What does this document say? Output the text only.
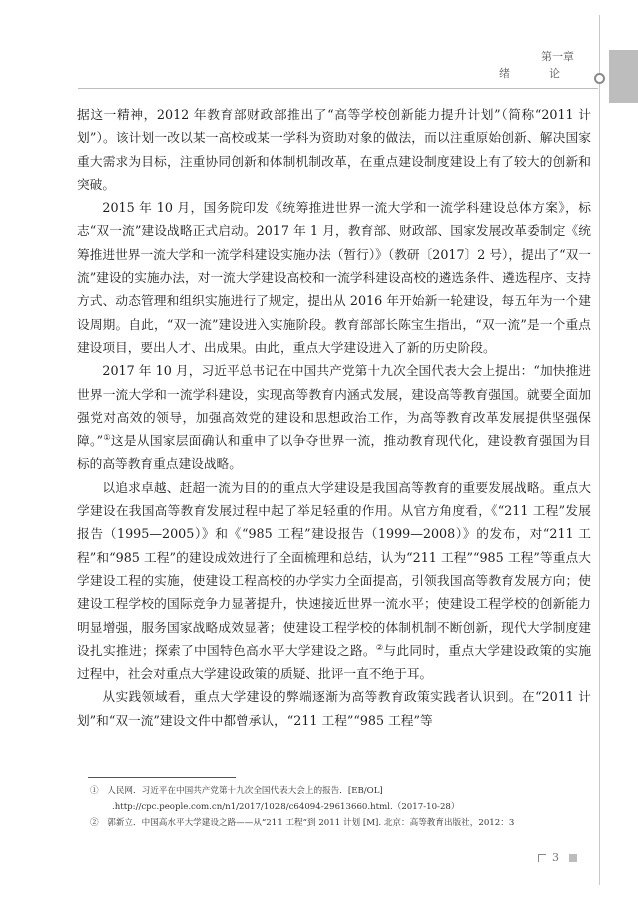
第一章
绪　论

据这一精神，2012 年教育部财政部推出了“高等学校创新能力提升计划”（简称“2011 计划”）。该计划一改以某一高校或某一学科为资助对象的做法，而以注重原始创新、解决国家重大需求为目标，注重协同创新和体制机制改革，在重点建设制度建设上有了较大的创新和突破。

2015 年 10 月，国务院印发《统筹推进世界一流大学和一流学科建设总体方案》，标志“双一流”建设战略正式启动。2017 年 1 月，教育部、财政部、国家发展改革委制定《统筹推进世界一流大学和一流学科建设实施办法（暂行）》（教研〔2017〕2 号），提出了“双一流”建设的实施办法，对一流大学建设高校和一流学科建设高校的遴选条件、遴选程序、支持方式、动态管理和组织实施进行了规定，提出从 2016 年开始新一轮建设，每五年为一个建设周期。自此，“双一流”建设进入实施阶段。教育部部长陈宝生指出，“双一流”是一个重点建设项目，要出人才、出成果。由此，重点大学建设进入了新的历史阶段。

2017 年 10 月，习近平总书记在中国共产党第十九次全国代表大会上提出：“加快推进世界一流大学和一流学科建设，实现高等教育内涵式发展，建设高等教育强国。就要全面加强党对高效的领导，加强高效党的建设和思想政治工作，为高等教育改革发展提供坚强保障。”①这是从国家层面确认和重申了以争夺世界一流，推动教育现代化，建设教育强国为目标的高等教育重点建设战略。

以追求卓越、赶超一流为目的的重点大学建设是我国高等教育的重要发展战略。重点大学建设在我国高等教育发展过程中起了举足轻重的作用。从官方角度看，《“211 工程”发展报告（1995—2005）》和《“985 工程”建设报告（1999—2008）》的发布，对“211 工程”和“985 工程”的建设成效进行了全面梳理和总结，认为“211 工程”“985 工程”等重点大学建设工程的实施，使建设工程高校的办学实力全面提高，引领我国高等教育发展方向；使建设工程学校的国际竞争力显著提升，快速接近世界一流水平；使建设工程学校的创新能力明显增强，服务国家战略成效显著；使建设工程学校的体制机制不断创新，现代大学制度建设扎实推进；探索了中国特色高水平大学建设之路。②与此同时，重点大学建设政策的实施过程中，社会对重点大学建设政策的质疑、批评一直不绝于耳。

从实践领域看，重点大学建设的弊端逐渐为高等教育政策实践者认识到。在“2011 计划”和“双一流”建设文件中都曾承认，“211 工程”“985 工程”等

①　 人民网．习近平在中国共产党第十九次全国代表大会上的报告．[EB/OL] .http://cpc.people.com.cn/n1/2017/1028/c64094-29613660.html.（2017-10-28）
②　 郭新立．中国高水平大学建设之路——从“211 工程”到 2011 计划 [M]. 北京：高等教育出版社，2012：3
3
